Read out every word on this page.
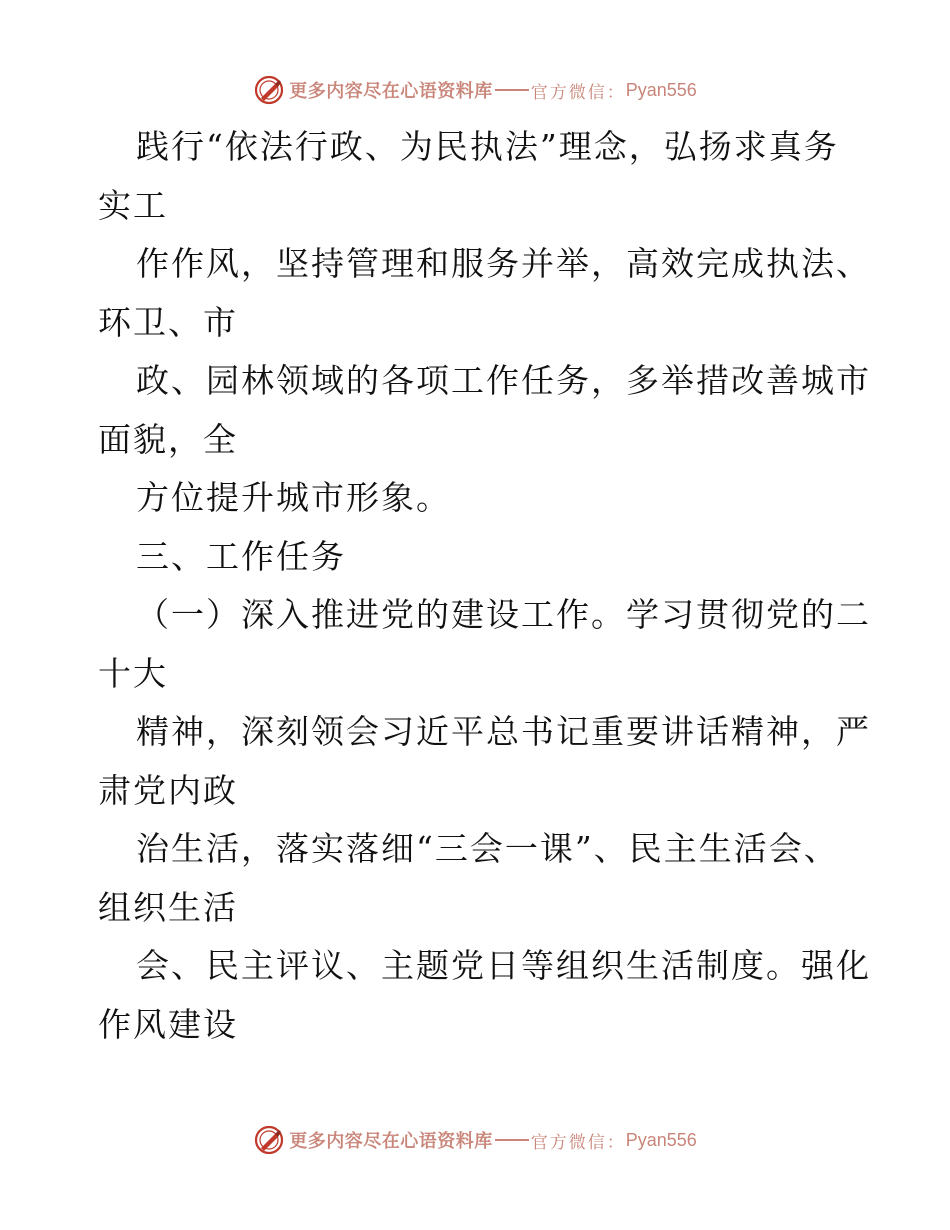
更多内容尽在心语资料库 官方微信： Pyan556
践行“依法行政、为民执法”理念，弘扬求真务
实工
作作风，坚持管理和服务并举，高效完成执法、
环卫、市
政、园林领域的各项工作任务，多举措改善城市
面貌，全
方位提升城市形象。
三、工作任务
（一）深入推进党的建设工作。学习贯彻党的二
十大
精神，深刻领会习近平总书记重要讲话精神，严
肃党内政
治生活，落实落细“三会一课”、民主生活会、
组织生活
会、民主评议、主题党日等组织生活制度。强化
作风建设
更多内容尽在心语资料库 官方微信： Pyan556
